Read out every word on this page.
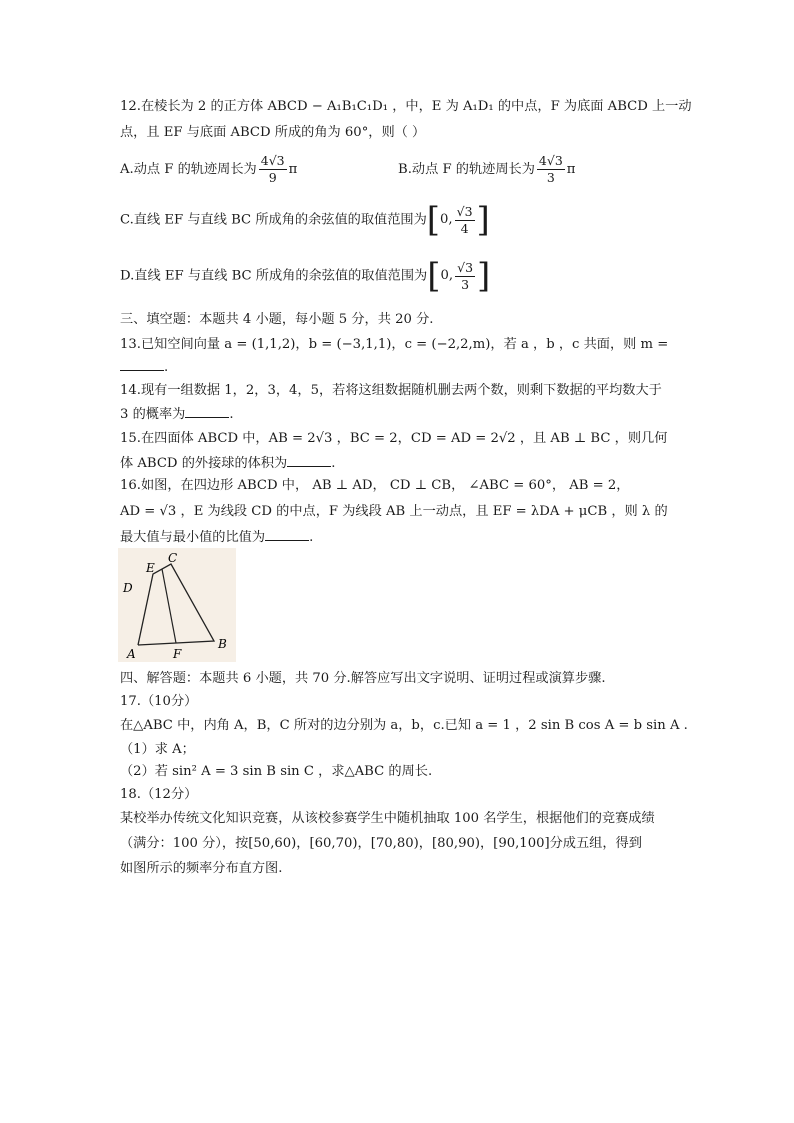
12.在棱长为 2 的正方体 ABCD − A₁B₁C₁D₁ ，中，E 为 A₁D₁ 的中点，F 为底面 ABCD 上一动
点，且 EF 与底面 ABCD 所成的角为 60°，则（ ）
A.动点 F 的轨迹周长为 $\frac{4√3}{9}$ π	B.动点 F 的轨迹周长为 $\frac{4√3}{3}$ π
C.直线 EF 与直线 BC 所成角的余弦值的取值范围为 [ 0, $\frac{√3}{4}$ ]
D.直线 EF 与直线 BC 所成角的余弦值的取值范围为 [ 0, $\frac{√3}{3}$ ]
三、填空题：本题共 4 小题，每小题 5 分，共 20 分.
13.已知空间向量 a = (1,1,2)，b = (−3,1,1)，c = (−2,2,m)，若 a ，b ，c 共面，则 m =
.
14.现有一组数据 1，2，3，4，5，若将这组数据随机删去两个数，则剩下数据的平均数大于
3 的概率为	.
15.在四面体 ABCD 中，AB = 2√3 ，BC = 2，CD = AD = 2√2 ，且 AB ⊥ BC ，则几何
体 ABCD 的外接球的体积为	.
16.如图，在四边形 ABCD 中， AB ⊥ AD， CD ⊥ CB， ∠ABC = 60°， AB = 2，
AD = √3 ，E 为线段 CD 的中点，F 为线段 AB 上一动点，且 EF = λDA + μCB ，则 λ 的
最大值与最小值的比值为	.
A
B
C
D
E
F
四、解答题：本题共 6 小题，共 70 分.解答应写出文字说明、证明过程或演算步骤.
17.（10分）
在△ABC 中，内角 A，B，C 所对的边分别为 a，b，c.已知 a = 1 ，2 sin B cos A = b sin A .
（1）求 A；
（2）若 sin² A = 3 sin B sin C ，求△ABC 的周长.
18.（12分）
某校举办传统文化知识竞赛，从该校参赛学生中随机抽取 100 名学生，根据他们的竞赛成绩
（满分：100 分），按[50,60)，[60,70)，[70,80)，[80,90)，[90,100]分成五组，得到
如图所示的频率分布直方图.
